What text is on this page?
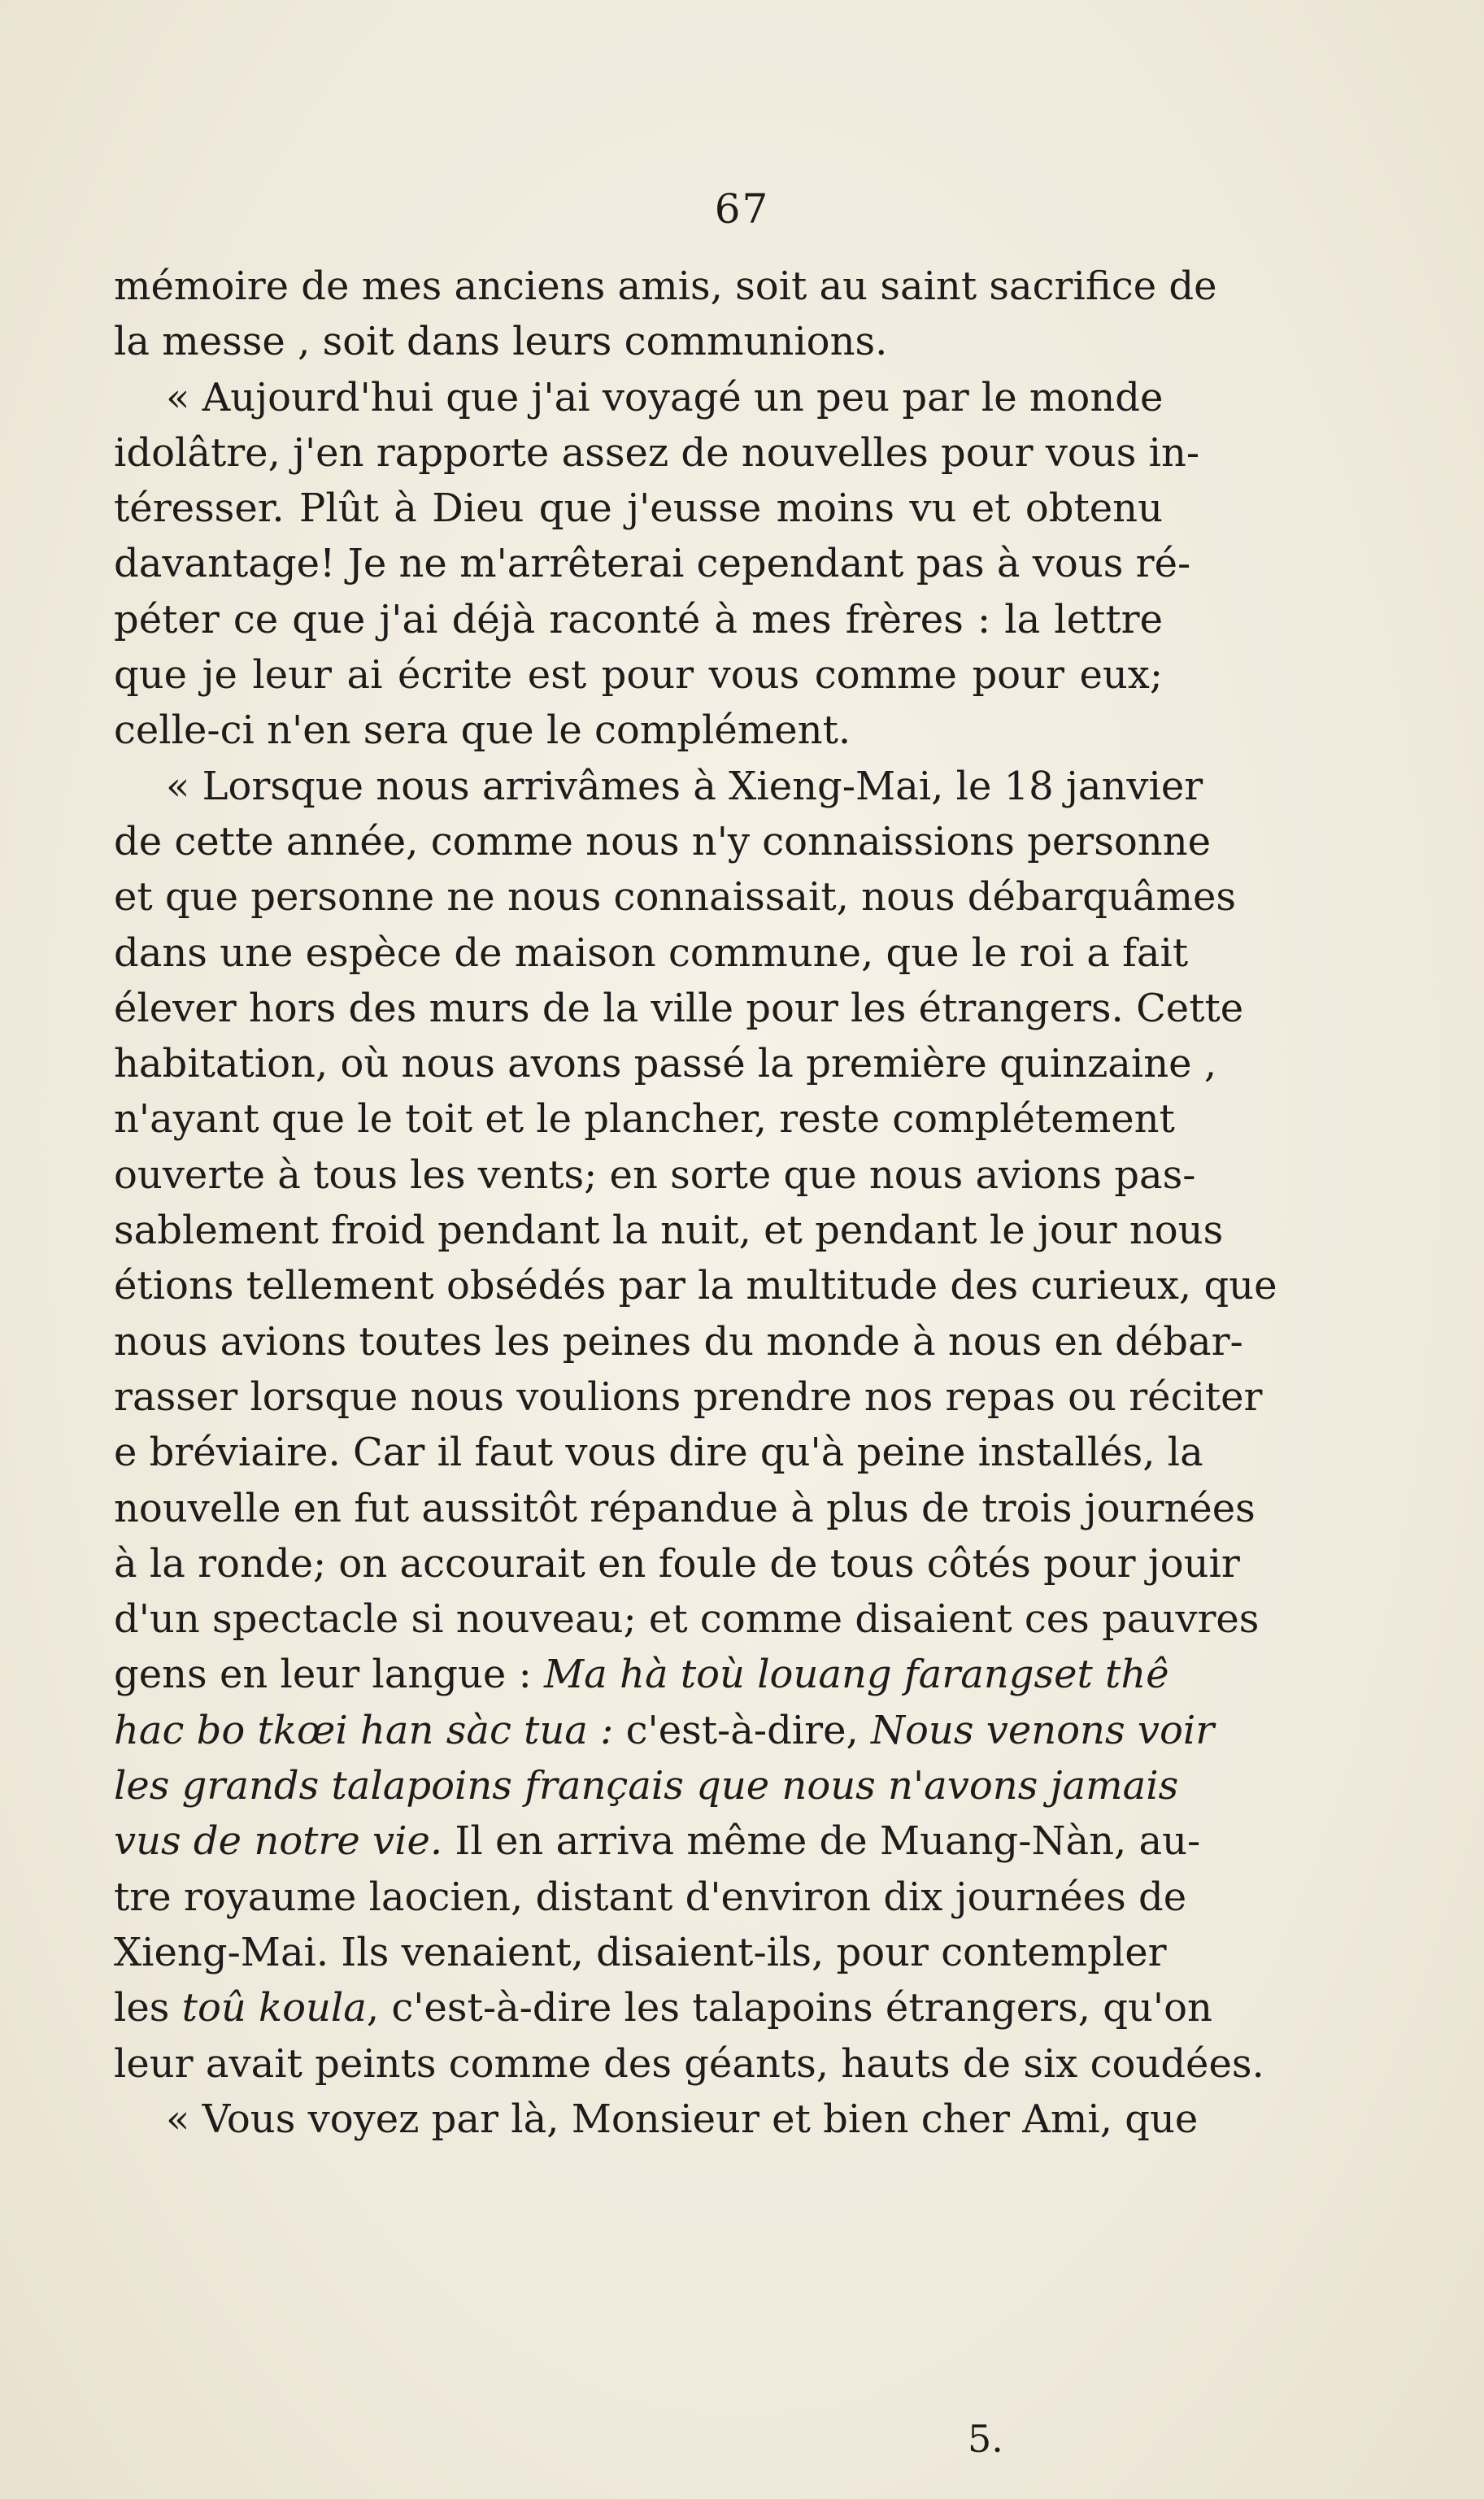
67
mémoire de mes anciens amis, soit au saint sacrifice de
la messe , soit dans leurs communions.
« Aujourd'hui que j'ai voyagé un peu par le monde
idolâtre, j'en rapporte assez de nouvelles pour vous in-
téresser. Plût à Dieu que j'eusse moins vu et obtenu
davantage! Je ne m'arrêterai cependant pas à vous ré-
péter ce que j'ai déjà raconté à mes frères : la lettre
que je leur ai écrite est pour vous comme pour eux;
celle-ci n'en sera que le complément.
« Lorsque nous arrivâmes à Xieng-Mai, le 18 janvier
de cette année, comme nous n'y connaissions personne
et que personne ne nous connaissait, nous débarquâmes
dans une espèce de maison commune, que le roi a fait
élever hors des murs de la ville pour les étrangers. Cette
habitation, où nous avons passé la première quinzaine ,
n'ayant que le toit et le plancher, reste complétement
ouverte à tous les vents; en sorte que nous avions pas-
sablement froid pendant la nuit, et pendant le jour nous
étions tellement obsédés par la multitude des curieux, que
nous avions toutes les peines du monde à nous en débar-
rasser lorsque nous voulions prendre nos repas ou réciter
e bréviaire. Car il faut vous dire qu'à peine installés, la
nouvelle en fut aussitôt répandue à plus de trois journées
à la ronde; on accourait en foule de tous côtés pour jouir
d'un spectacle si nouveau; et comme disaient ces pauvres
gens en leur langue : Ma hà toù louang farangset thê
hac bo tkœi han sàc tua : c'est-à-dire, Nous venons voir
les grands talapoins français que nous n'avons jamais
vus de notre vie. Il en arriva même de Muang-Nàn, au-
tre royaume laocien, distant d'environ dix journées de
Xieng-Mai. Ils venaient, disaient-ils, pour contempler
les toû koula, c'est-à-dire les talapoins étrangers, qu'on
leur avait peints comme des géants, hauts de six coudées.
« Vous voyez par là, Monsieur et bien cher Ami, que
5.
